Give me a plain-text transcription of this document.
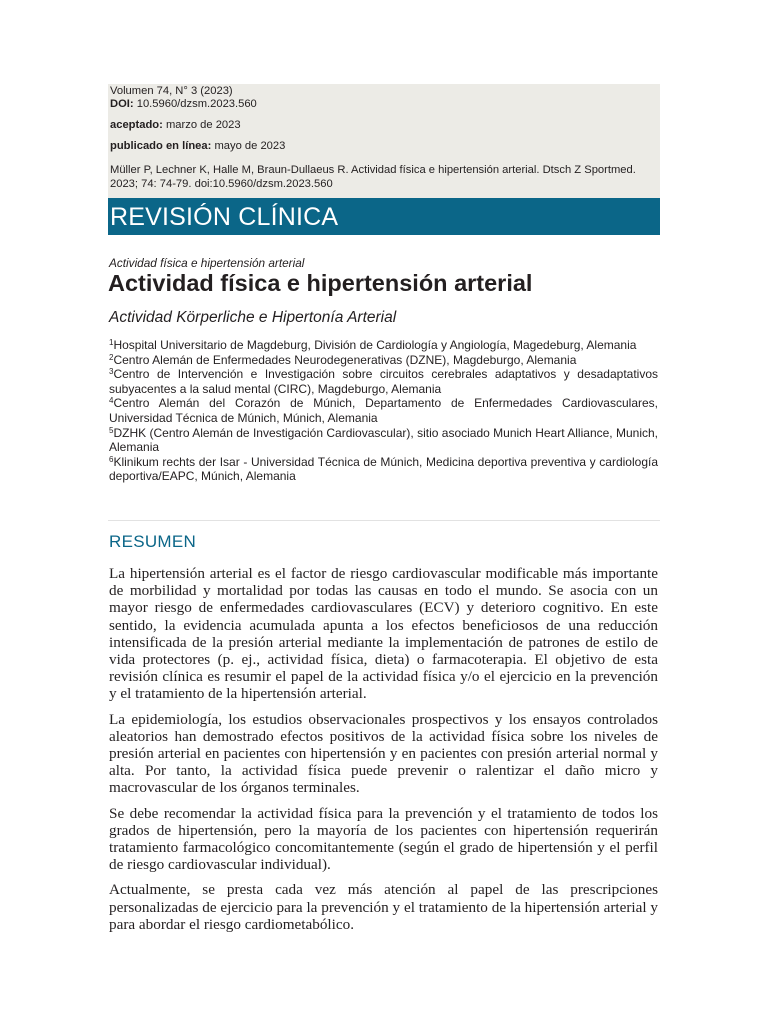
Volumen 74, N° 3 (2023)
DOI: 10.5960/dzsm.2023.560
aceptado: marzo de 2023
publicado en línea: mayo de 2023
Müller P, Lechner K, Halle M, Braun-Dullaeus R. Actividad física e hipertensión arterial. Dtsch Z Sportmed. 2023; 74: 74-79. doi:10.5960/dzsm.2023.560
REVISIÓN CLÍNICA
Actividad física e hipertensión arterial
Actividad física e hipertensión arterial
Actividad Körperliche e Hipertonía Arterial
$^1$Hospital Universitario de Magdeburg, División de Cardiología y Angiología, Magedeburg, Alemania
$^2$Centro Alemán de Enfermedades Neurodegenerativas (DZNE), Magdeburgo, Alemania
$^3$Centro de Intervención e Investigación sobre circuitos cerebrales adaptativos y desadaptativos subyacentes a la salud mental (CIRC), Magdeburgo, Alemania
$^4$Centro Alemán del Corazón de Múnich, Departamento de Enfermedades Cardiovasculares, Universidad Técnica de Múnich, Múnich, Alemania
$^5$DZHK (Centro Alemán de Investigación Cardiovascular), sitio asociado Munich Heart Alliance, Munich, Alemania
$^6$Klinikum rechts der Isar - Universidad Técnica de Múnich, Medicina deportiva preventiva y cardiología deportiva/EAPC, Múnich, Alemania
RESUMEN

La hipertensión arterial es el factor de riesgo cardiovascular modificable más importante de morbilidad y mortalidad por todas las causas en todo el mundo. Se asocia con un mayor riesgo de enfermedades cardiovasculares (ECV) y deterioro cognitivo. En este sentido, la evidencia acumulada apunta a los efectos beneficiosos de una reducción intensificada de la presión arterial mediante la implementación de patrones de estilo de vida protectores (p. ej., actividad física, dieta) o farmacoterapia. El objetivo de esta revisión clínica es resumir el papel de la actividad física y/o el ejercicio en la prevención y el tratamiento de la hipertensión arterial.

La epidemiología, los estudios observacionales prospectivos y los ensayos controlados aleatorios han demostrado efectos positivos de la actividad física sobre los niveles de presión arterial en pacientes con hipertensión y en pacientes con presión arterial normal y alta. Por tanto, la actividad física puede prevenir o ralentizar el daño micro y macrovascular de los órganos terminales.

Se debe recomendar la actividad física para la prevención y el tratamiento de todos los grados de hipertensión, pero la mayoría de los pacientes con hipertensión requerirán tratamiento farmacológico concomitantemente (según el grado de hipertensión y el perfil de riesgo cardiovascular individual).

Actualmente, se presta cada vez más atención al papel de las prescripciones personalizadas de ejercicio para la prevención y el tratamiento de la hipertensión arterial y para abordar el riesgo cardiometabólico.
